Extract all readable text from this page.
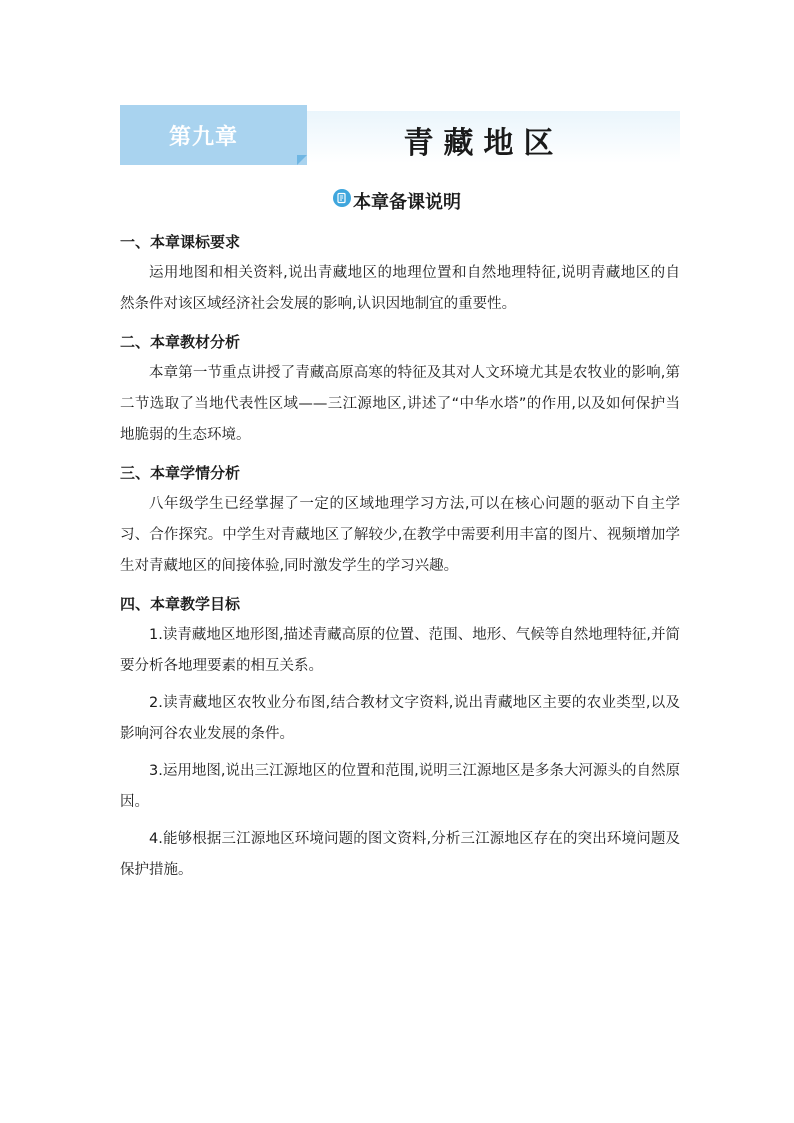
第九章	青藏地区
本章备课说明

一、本章课标要求

运用地图和相关资料,说出青藏地区的地理位置和自然地理特征,说明青藏地区的自然条件对该区域经济社会发展的影响,认识因地制宜的重要性。

二、本章教材分析

本章第一节重点讲授了青藏高原高寒的特征及其对人文环境尤其是农牧业的影响,第二节选取了当地代表性区域——三江源地区,讲述了“中华水塔”的作用,以及如何保护当地脆弱的生态环境。

三、本章学情分析

八年级学生已经掌握了一定的区域地理学习方法,可以在核心问题的驱动下自主学习、合作探究。中学生对青藏地区了解较少,在教学中需要利用丰富的图片、视频增加学生对青藏地区的间接体验,同时激发学生的学习兴趣。

四、本章教学目标

1.读青藏地区地形图,描述青藏高原的位置、范围、地形、气候等自然地理特征,并简要分析各地理要素的相互关系。

2.读青藏地区农牧业分布图,结合教材文字资料,说出青藏地区主要的农业类型,以及影响河谷农业发展的条件。

3.运用地图,说出三江源地区的位置和范围,说明三江源地区是多条大河源头的自然原因。

4.能够根据三江源地区环境问题的图文资料,分析三江源地区存在的突出环境问题及保护措施。
